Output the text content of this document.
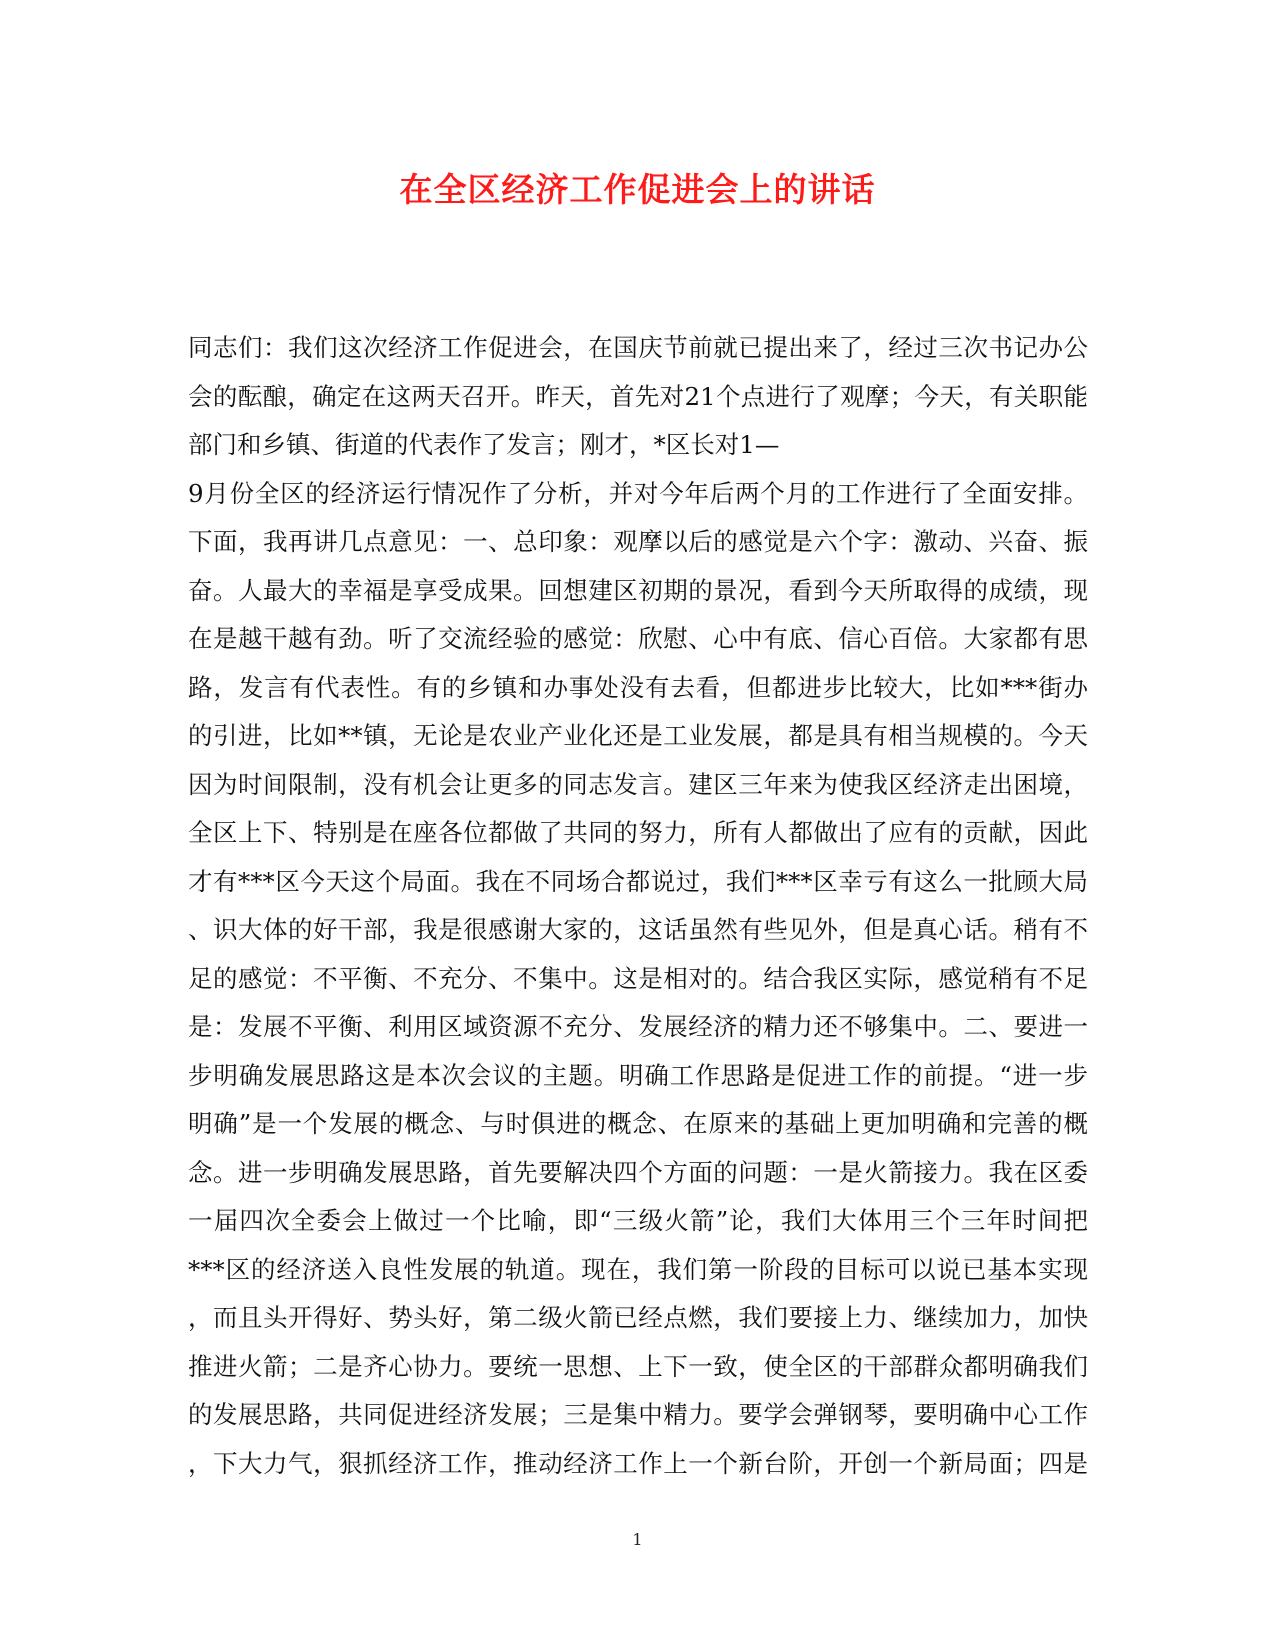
在全区经济工作促进会上的讲话
同志们：我们这次经济工作促进会，在国庆节前就已提出来了，经过三次书记办公
会的酝酿，确定在这两天召开。昨天，首先对21个点进行了观摩；今天，有关职能
部门和乡镇、街道的代表作了发言；刚才，*区长对1—
9月份全区的经济运行情况作了分析，并对今年后两个月的工作进行了全面安排。
下面，我再讲几点意见：一、总印象：观摩以后的感觉是六个字：激动、兴奋、振
奋。人最大的幸福是享受成果。回想建区初期的景况，看到今天所取得的成绩，现
在是越干越有劲。听了交流经验的感觉：欣慰、心中有底、信心百倍。大家都有思
路，发言有代表性。有的乡镇和办事处没有去看，但都进步比较大，比如***街办
的引进，比如**镇，无论是农业产业化还是工业发展，都是具有相当规模的。今天
因为时间限制，没有机会让更多的同志发言。建区三年来为使我区经济走出困境，
全区上下、特别是在座各位都做了共同的努力，所有人都做出了应有的贡献，因此
才有***区今天这个局面。我在不同场合都说过，我们***区幸亏有这么一批顾大局
、识大体的好干部，我是很感谢大家的，这话虽然有些见外，但是真心话。稍有不
足的感觉：不平衡、不充分、不集中。这是相对的。结合我区实际，感觉稍有不足
是：发展不平衡、利用区域资源不充分、发展经济的精力还不够集中。二、要进一
步明确发展思路这是本次会议的主题。明确工作思路是促进工作的前提。“进一步
明确”是一个发展的概念、与时俱进的概念、在原来的基础上更加明确和完善的概
念。进一步明确发展思路，首先要解决四个方面的问题：一是火箭接力。我在区委
一届四次全委会上做过一个比喻，即“三级火箭”论，我们大体用三个三年时间把
***区的经济送入良性发展的轨道。现在，我们第一阶段的目标可以说已基本实现
，而且头开得好、势头好，第二级火箭已经点燃，我们要接上力、继续加力，加快
推进火箭；二是齐心协力。要统一思想、上下一致，使全区的干部群众都明确我们
的发展思路，共同促进经济发展；三是集中精力。要学会弹钢琴，要明确中心工作
，下大力气，狠抓经济工作，推动经济工作上一个新台阶，开创一个新局面；四是
1
